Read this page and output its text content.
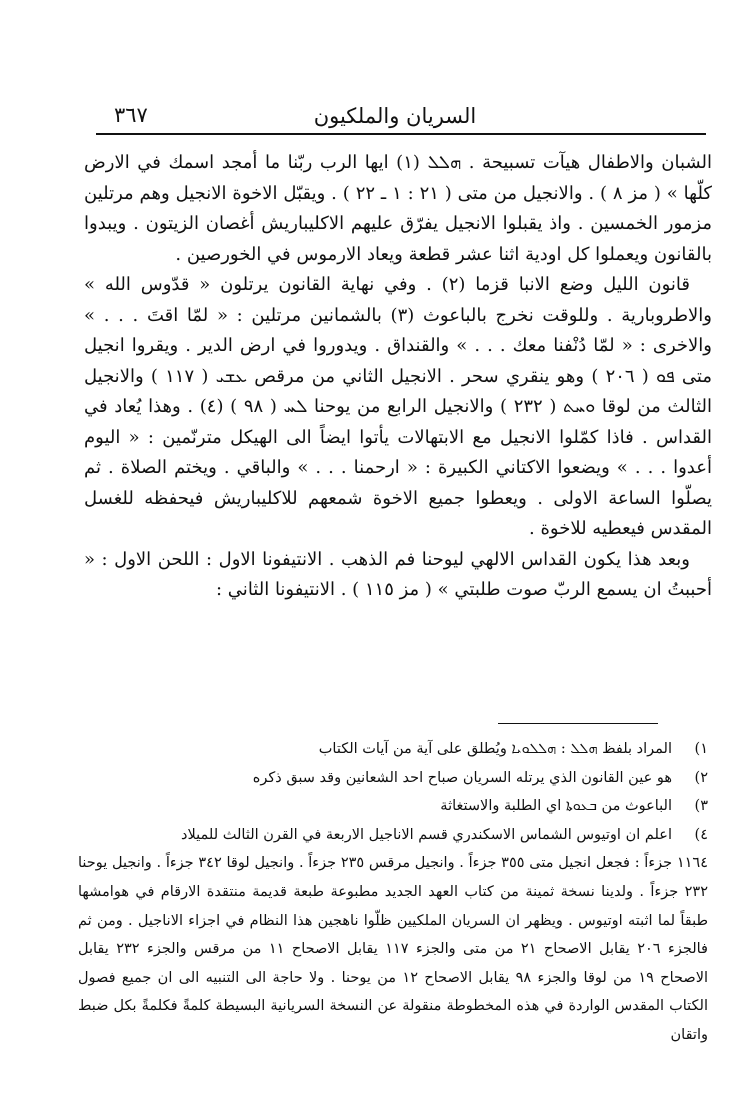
السريان والملكيون
٣٦٧

الشبان والاطفال هيآت تسبيحة . ܗܠܠ (١) ايها الرب ربّنا ما أمجد اسمك في الارض كلّها » ( مز ٨ ) . والانجيل من متى ( ٢١ : ١ ـ ٢٢ ) . ويقبّل الاخوة الانجيل وهم مرتلين مزمور الخمسين . واذ يقبلوا الانجيل يفرّق عليهم الاكليباريش أغصان الزيتون . ويبدوا بالقانون ويعملوا كل اودية اثنا عشر قطعة ويعاد الارموس في الخورصين .

قانون الليل وضع الانبا قزما (٢) . وفي نهاية القانون يرتلون « قدّوس الله » والاطروبارية . وللوقت نخرج بالباعوث (٣) بالشمانين مرتلين : « لمّا اقتَ . . . » والاخرى : « لمّا دُنْفنا معك . . . » والقنداق . ويدوروا في ارض الدير . ويقروا انجيل متى ܦܘ ( ٢٠٦ ) وهو ينقري سحر . الانجيل الثاني من مرقص ܥܫܝ ( ١١٧ ) والانجيل الثالث من لوقا ܘܚܬ ( ٢٣٢ ) والانجيل الرابع من يوحنا ܠܚ ( ٩٨ ) (٤) . وهذا يُعاد في القداس . فاذا كمّلوا الانجيل مع الابتهالات يأتوا ايضاً الى الهيكل مترنّمين : « اليوم أعدوا . . . » ويضعوا الاكتاني الكبيرة : « ارحمنا . . . » والباقي . ويختم الصلاة . ثم يصلّوا الساعة الاولى . ويعطوا جميع الاخوة شمعهم للاكليباريش فيحفظه للغسل المقدس فيعطيه للاخوة .

وبعد هذا يكون القداس الالهي ليوحنا فم الذهب . الانتيفونا الاول : اللحن الاول : « أحببتُ ان يسمع الربّ صوت طلبتي » ( مز ١١٥ ) . الانتيفونا الثاني :

١)
المراد بلفظ ܗܠܠ : ܗܠܠܘܝܐ ويُطلق على آية من آيات الكتاب
٢)
هو عين القانون الذي يرتله السريان صباح احد الشعانين وقد سبق ذكره
٣)
الباعوث من ܒܥܘܬܐ اي الطلبة والاستغاثة
٤)
اعلم ان اوتيوس الشماس الاسكندري قسم الاناجيل الاربعة في القرن الثالث للميلاد

١١٦٤ جزءاً : فجعل انجيل متى ٣٥٥ جزءاً . وانجيل مرقس ٢٣٥ جزءاً . وانجيل لوقا ٣٤٢ جزءاً . وانجيل يوحنا ٢٣٢ جزءاً . ولدينا نسخة ثمينة من كتاب العهد الجديد مطبوعة طبعة قديمة منتقدة الارقام في هوامشها طبقاً لما اثبته اوتيوس . ويظهر ان السريان الملكيين ظلّوا ناهجين هذا النظام في اجزاء الاناجيل . ومن ثم فالجزء ٢٠٦ يقابل الاصحاح ٢١ من متى والجزء ١١٧ يقابل الاصحاح ١١ من مرقس والجزء ٢٣٢ يقابل الاصحاح ١٩ من لوقا والجزء ٩٨ يقابل الاصحاح ١٢ من يوحنا . ولا حاجة الى التنبيه الى ان جميع فصول الكتاب المقدس الواردة في هذه المخطوطة منقولة عن النسخة السريانية البسيطة كلمةً فكلمةً بكل ضبط واتقان
